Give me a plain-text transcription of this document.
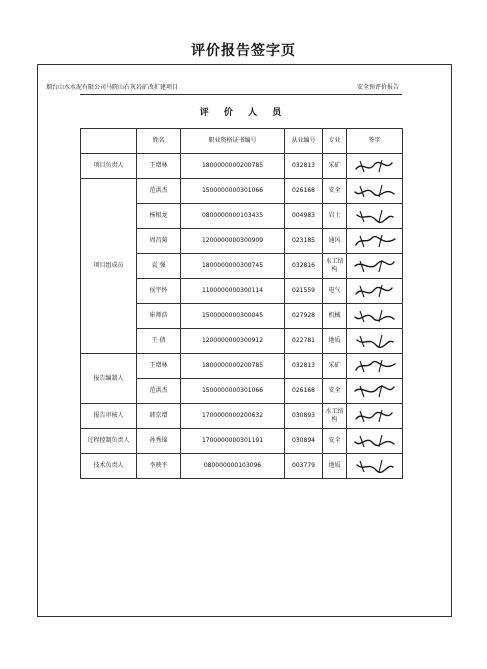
评价报告签字页
烟台山水水泥有限公司马院山石灰岩矿改扩建项目	安全预评价报告
评 价 人 员
	姓名	职业资格证书编号	从业编号	专业	签字
项目负责人	王增林	1800000000200785	032813	采矿	

项目组成员	范洪杰	1500000000301066	026168	安全	

	杨根龙	0800000000103435	004983	岩土	

	周昌菊	1200000000300909	023185	通风	

	袁 强	1800000000300745	032816	水工结构	

	侯宇怀	1100000000300114	021559	电气	

	崔师浩	1500000000300045	027928	机械	

	王 倩	1200000000300912	022781	地质	

报告编制人	王增林	1800000000200785	032813	采矿	

	范洪杰	1500000000301066	026168	安全	

报告审核人	韩京增	1700000000200632	030893	水工结构	

过程控制负责人	孙秀锦	1700000000301191	030894	安全	

技术负责人	李映平	080000000103096	003779	地质	
